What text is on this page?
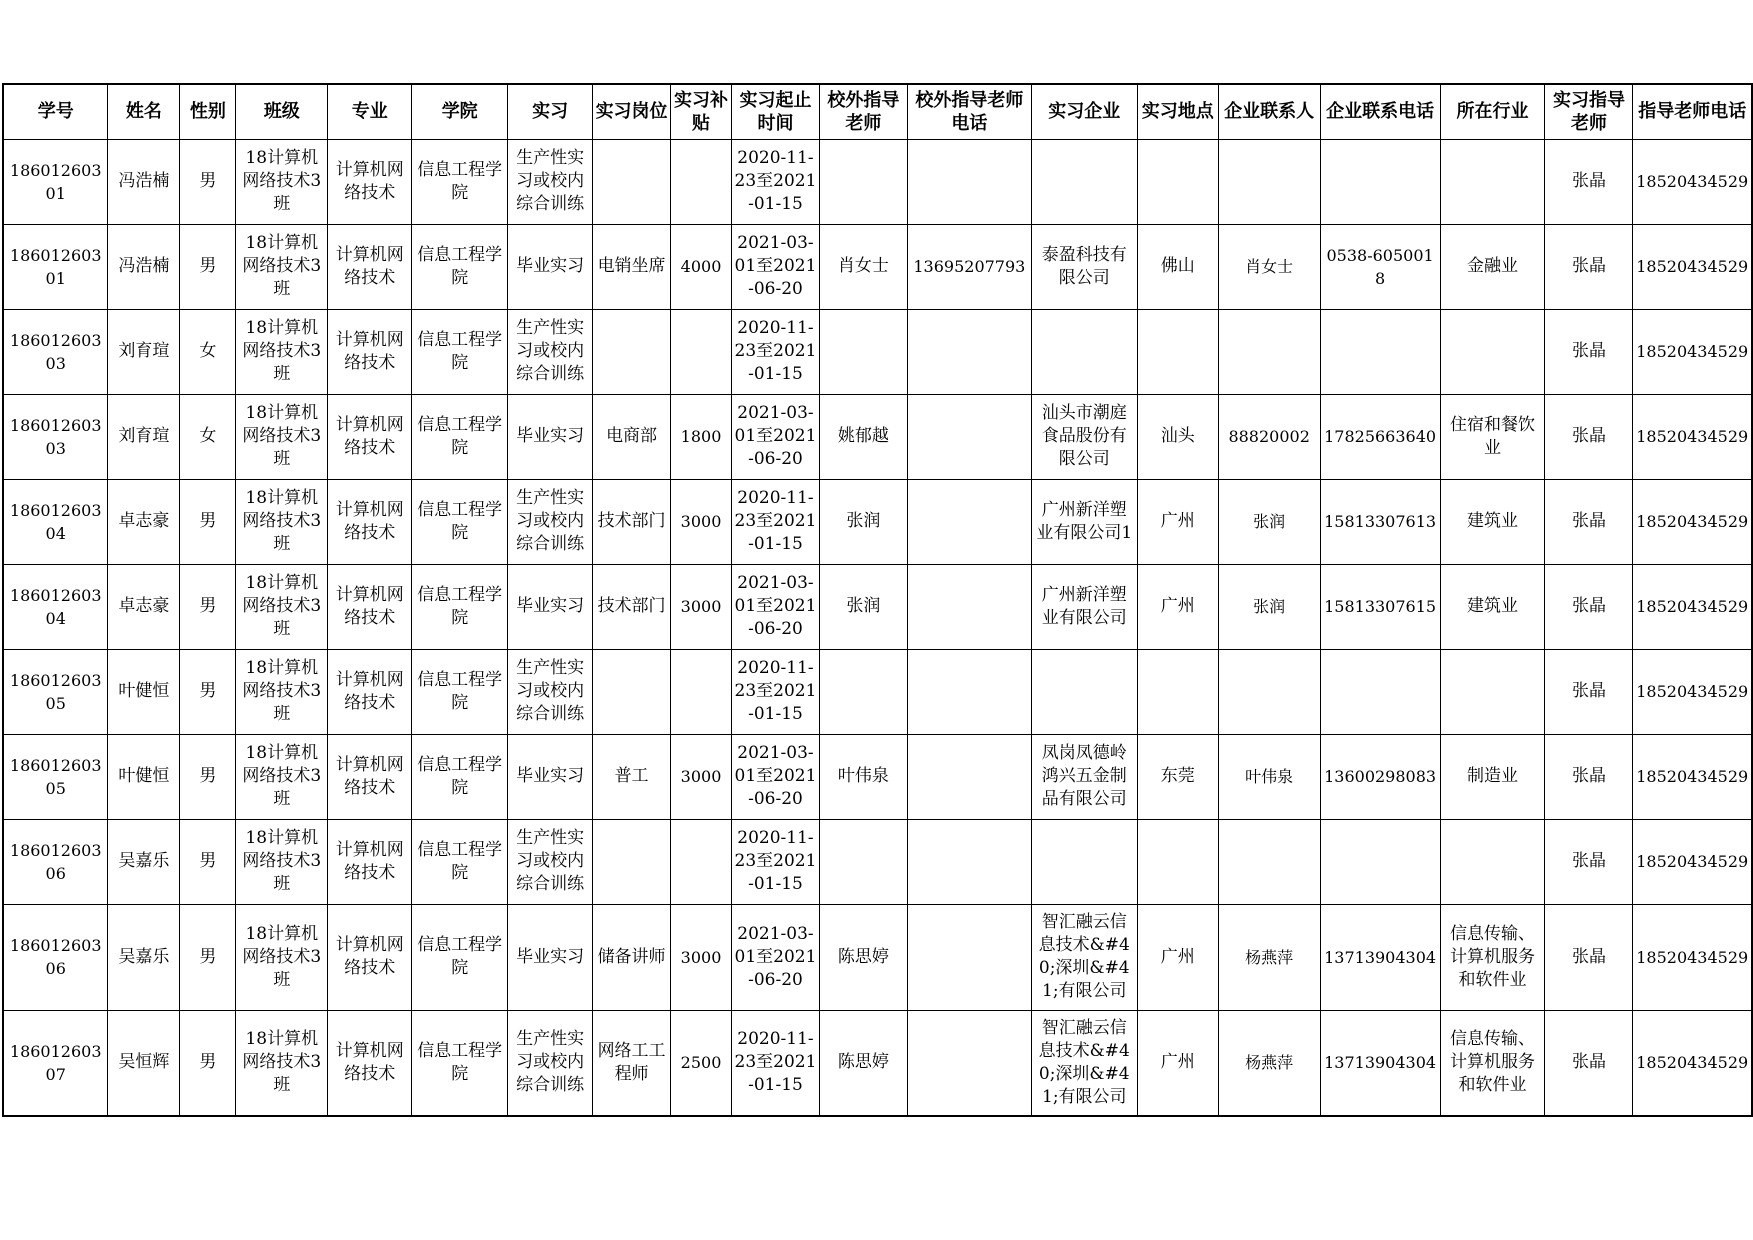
学号	姓名	性别	班级	专业	学院	实习	实习岗位	实习补贴	实习起止时间	校外指导老师	校外指导老师电话	实习企业	实习地点	企业联系人	企业联系电话	所在行业	实习指导老师	指导老师电话

18601260301	冯浩楠	男	18计算机网络技术3班	计算机网络技术	信息工程学院	生产性实习或校内综合训练			2020-11-23至2021-01-15								张晶	18520434529

18601260301	冯浩楠	男	18计算机网络技术3班	计算机网络技术	信息工程学院	毕业实习	电销坐席	4000	2021-03-01至2021-06-20	肖女士	13695207793	泰盈科技有限公司	佛山	肖女士	0538-6050018	金融业	张晶	18520434529

18601260303	刘育瑄	女	18计算机网络技术3班	计算机网络技术	信息工程学院	生产性实习或校内综合训练			2020-11-23至2021-01-15								张晶	18520434529

18601260303	刘育瑄	女	18计算机网络技术3班	计算机网络技术	信息工程学院	毕业实习	电商部	1800	2021-03-01至2021-06-20	姚郁越		汕头市潮庭食品股份有限公司	汕头	88820002	17825663640	住宿和餐饮业	张晶	18520434529

18601260304	卓志豪	男	18计算机网络技术3班	计算机网络技术	信息工程学院	生产性实习或校内综合训练	技术部门	3000	2020-11-23至2021-01-15	张润		广州新洋塑业有限公司1	广州	张润	15813307613	建筑业	张晶	18520434529

18601260304	卓志豪	男	18计算机网络技术3班	计算机网络技术	信息工程学院	毕业实习	技术部门	3000	2021-03-01至2021-06-20	张润		广州新洋塑业有限公司	广州	张润	15813307615	建筑业	张晶	18520434529

18601260305	叶健恒	男	18计算机网络技术3班	计算机网络技术	信息工程学院	生产性实习或校内综合训练			2020-11-23至2021-01-15								张晶	18520434529

18601260305	叶健恒	男	18计算机网络技术3班	计算机网络技术	信息工程学院	毕业实习	普工	3000	2021-03-01至2021-06-20	叶伟泉		凤岗凤德岭鸿兴五金制品有限公司	东莞	叶伟泉	13600298083	制造业	张晶	18520434529

18601260306	吴嘉乐	男	18计算机网络技术3班	计算机网络技术	信息工程学院	生产性实习或校内综合训练			2020-11-23至2021-01-15								张晶	18520434529

18601260306	吴嘉乐	男	18计算机网络技术3班	计算机网络技术	信息工程学院	毕业实习	储备讲师	3000	2021-03-01至2021-06-20	陈思婷		智汇融云信息技术&#40;深圳&#41;有限公司	广州	杨燕萍	13713904304	信息传输、计算机服务和软件业	张晶	18520434529

18601260307	吴恒辉	男	18计算机网络技术3班	计算机网络技术	信息工程学院	生产性实习或校内综合训练	网络工工程师	2500	2020-11-23至2021-01-15	陈思婷		智汇融云信息技术&#40;深圳&#41;有限公司	广州	杨燕萍	13713904304	信息传输、计算机服务和软件业	张晶	18520434529
